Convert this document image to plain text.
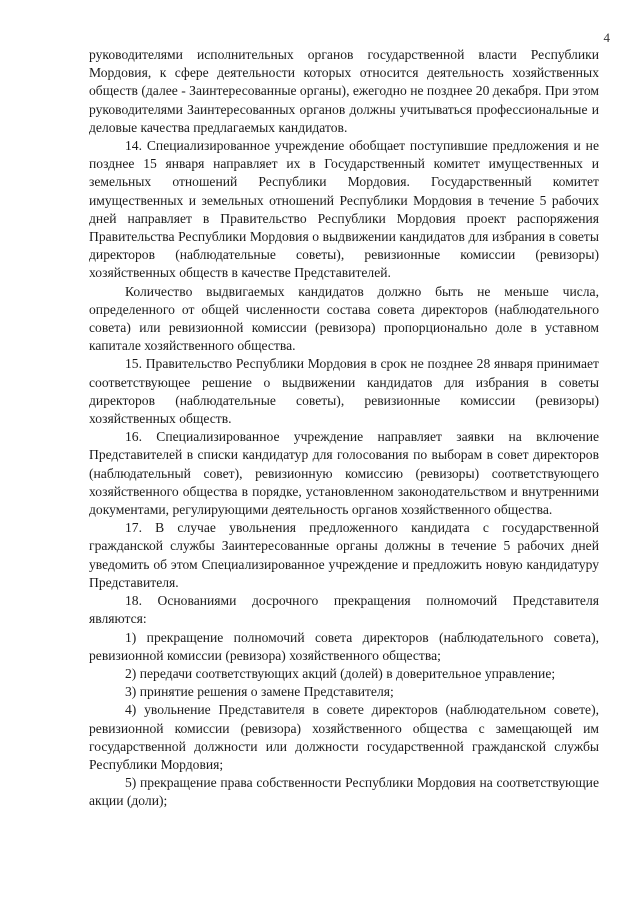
4

руководителями исполнительных органов государственной власти Республики Мордовия, к сфере деятельности которых относится деятельность хозяйственных обществ (далее - Заинтересованные органы), ежегодно не позднее 20 декабря. При этом руководителями Заинтересованных органов должны учитываться профессиональные и деловые качества предлагаемых кандидатов.

14. Специализированное учреждение обобщает поступившие предложения и не позднее 15 января направляет их в Государственный комитет имущественных и земельных отношений Республики Мордовия. Государственный комитет имущественных и земельных отношений Республики Мордовия в течение 5 рабочих дней направляет в Правительство Республики Мордовия проект распоряжения Правительства Республики Мордовия о выдвижении кандидатов для избрания в советы директоров (наблюдательные советы), ревизионные комиссии (ревизоры) хозяйственных обществ в качестве Представителей.

Количество выдвигаемых кандидатов должно быть не меньше числа, определенного от общей численности состава совета директоров (наблюдательного совета) или ревизионной комиссии (ревизора) пропорционально доле в уставном капитале хозяйственного общества.

15. Правительство Республики Мордовия в срок не позднее 28 января принимает соответствующее решение о выдвижении кандидатов для избрания в советы директоров (наблюдательные советы), ревизионные комиссии (ревизоры) хозяйственных обществ.

16. Специализированное учреждение направляет заявки на включение Представителей в списки кандидатур для голосования по выборам в совет директоров (наблюдательный совет), ревизионную комиссию (ревизоры) соответствующего хозяйственного общества в порядке, установленном законодательством и внутренними документами, регулирующими деятельность органов хозяйственного общества.

17. В случае увольнения предложенного кандидата с государственной гражданской службы Заинтересованные органы должны в течение 5 рабочих дней уведомить об этом Специализированное учреждение и предложить новую кандидатуру Представителя.

18. Основаниями досрочного прекращения полномочий Представителя являются:

1) прекращение полномочий совета директоров (наблюдательного совета), ревизионной комиссии (ревизора) хозяйственного общества;

2) передачи соответствующих акций (долей) в доверительное управление;

3) принятие решения о замене Представителя;

4) увольнение Представителя в совете директоров (наблюдательном совете), ревизионной комиссии (ревизора) хозяйственного общества с замещающей им государственной должности или должности государственной гражданской службы Республики Мордовия;

5) прекращение права собственности Республики Мордовия на соответствующие акции (доли);
